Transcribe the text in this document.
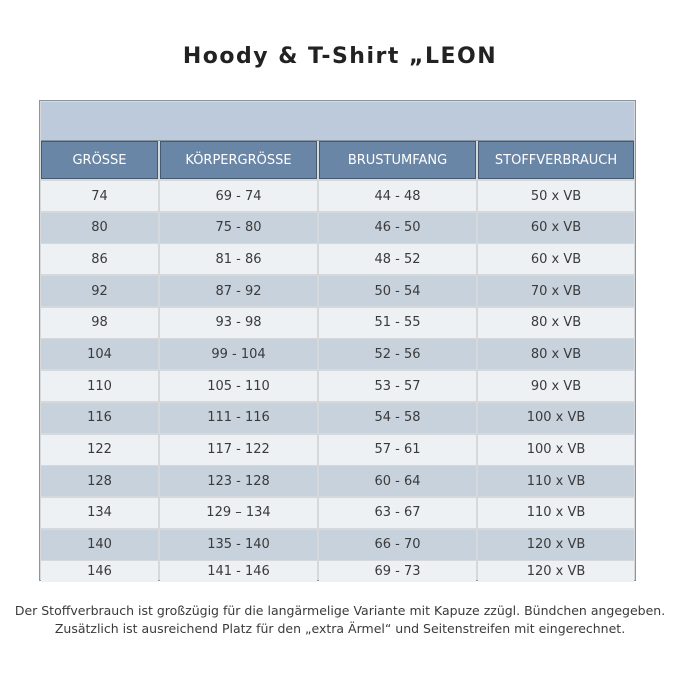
Hoody & T-Shirt „LEON
GRÖSSE	KÖRPERGRÖSSE	BRUSTUMFANG	STOFFVERBRAUCH
74	69 - 74	44 - 48	50 x VB
80	75 - 80	46 - 50	60 x VB
86	81 - 86	48 - 52	60 x VB
92	87 - 92	50 - 54	70 x VB
98	93 - 98	51 - 55	80 x VB
104	99 - 104	52 - 56	80 x VB
110	105 - 110	53 - 57	90 x VB
116	111 - 116	54 - 58	100 x VB
122	117 - 122	57 - 61	100 x VB
128	123 - 128	60 - 64	110 x VB
134	129 – 134	63 - 67	110 x VB
140	135 - 140	66 - 70	120 x VB
146	141 - 146	69 - 73	120 x VB
Der Stoffverbrauch ist großzügig für die langärmelige Variante mit Kapuze zzügl. Bündchen angegeben.
Zusätzlich ist ausreichend Platz für den „extra Ärmel“ und Seitenstreifen mit eingerechnet.
